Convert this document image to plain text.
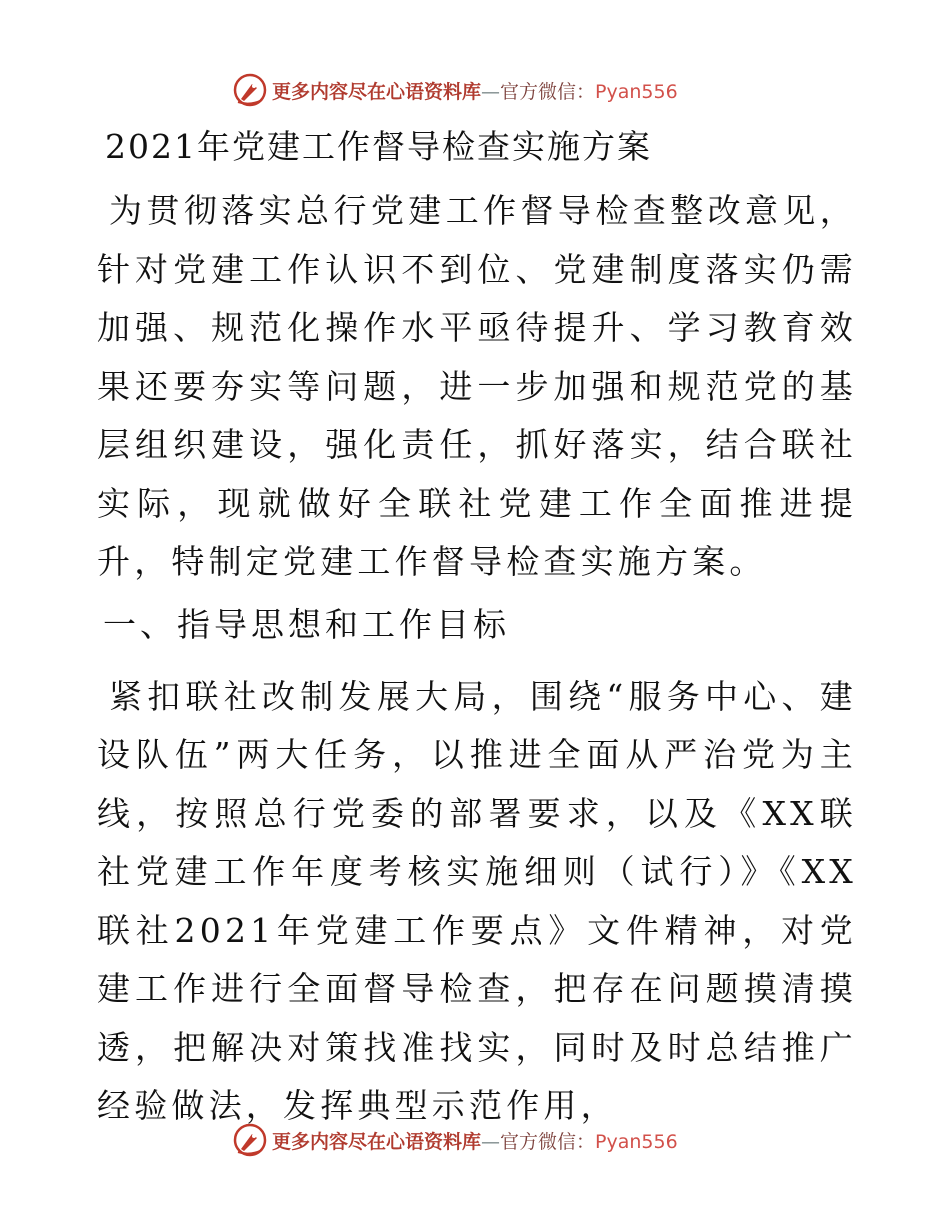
更多内容尽在心语资料库—官方微信：Pyan556
2021年党建工作督导检查实施方案

为贯彻落实总行党建工作督导检查整改意见，针对党建工作认识不到位、党建制度落实仍需加强、规范化操作水平亟待提升、学习教育效果还要夯实等问题，进一步加强和规范党的基层组织建设，强化责任，抓好落实，结合联社实际，现就做好全联社党建工作全面推进提升，特制定党建工作督导检查实施方案。

一、指导思想和工作目标

紧扣联社改制发展大局，围绕“服务中心、建设队伍”两大任务，以推进全面从严治党为主线，按照总行党委的部署要求，以及《XX联社党建工作年度考核实施细则（试行）》《XX联社2021年党建工作要点》文件精神，对党建工作进行全面督导检查，把存在问题摸清摸透，把解决对策找准找实，同时及时总结推广经验做法，发挥典型示范作用，

更多内容尽在心语资料库—官方微信：Pyan556
